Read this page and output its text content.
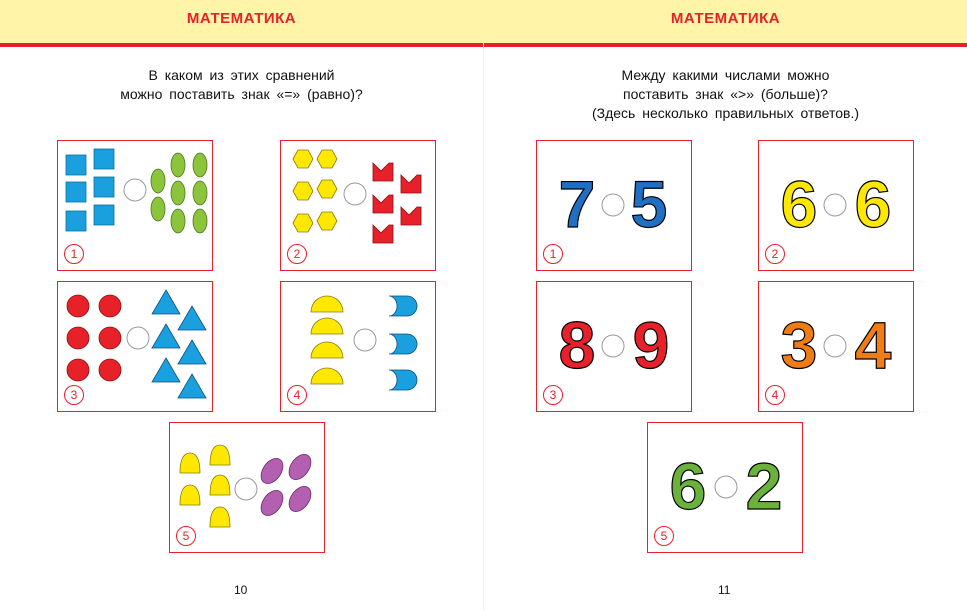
МАТЕМАТИКА
В каком из этих сравнений
можно поставить знак «=» (равно)?
1	2
3	4
5
10
МАТЕМАТИКА
Между какими числами можно
поставить знак «>» (больше)?
(Здесь несколько правильных ответов.)
7 5
1
6 6
2
8 9
3
3 4
4
6 2
5
11
